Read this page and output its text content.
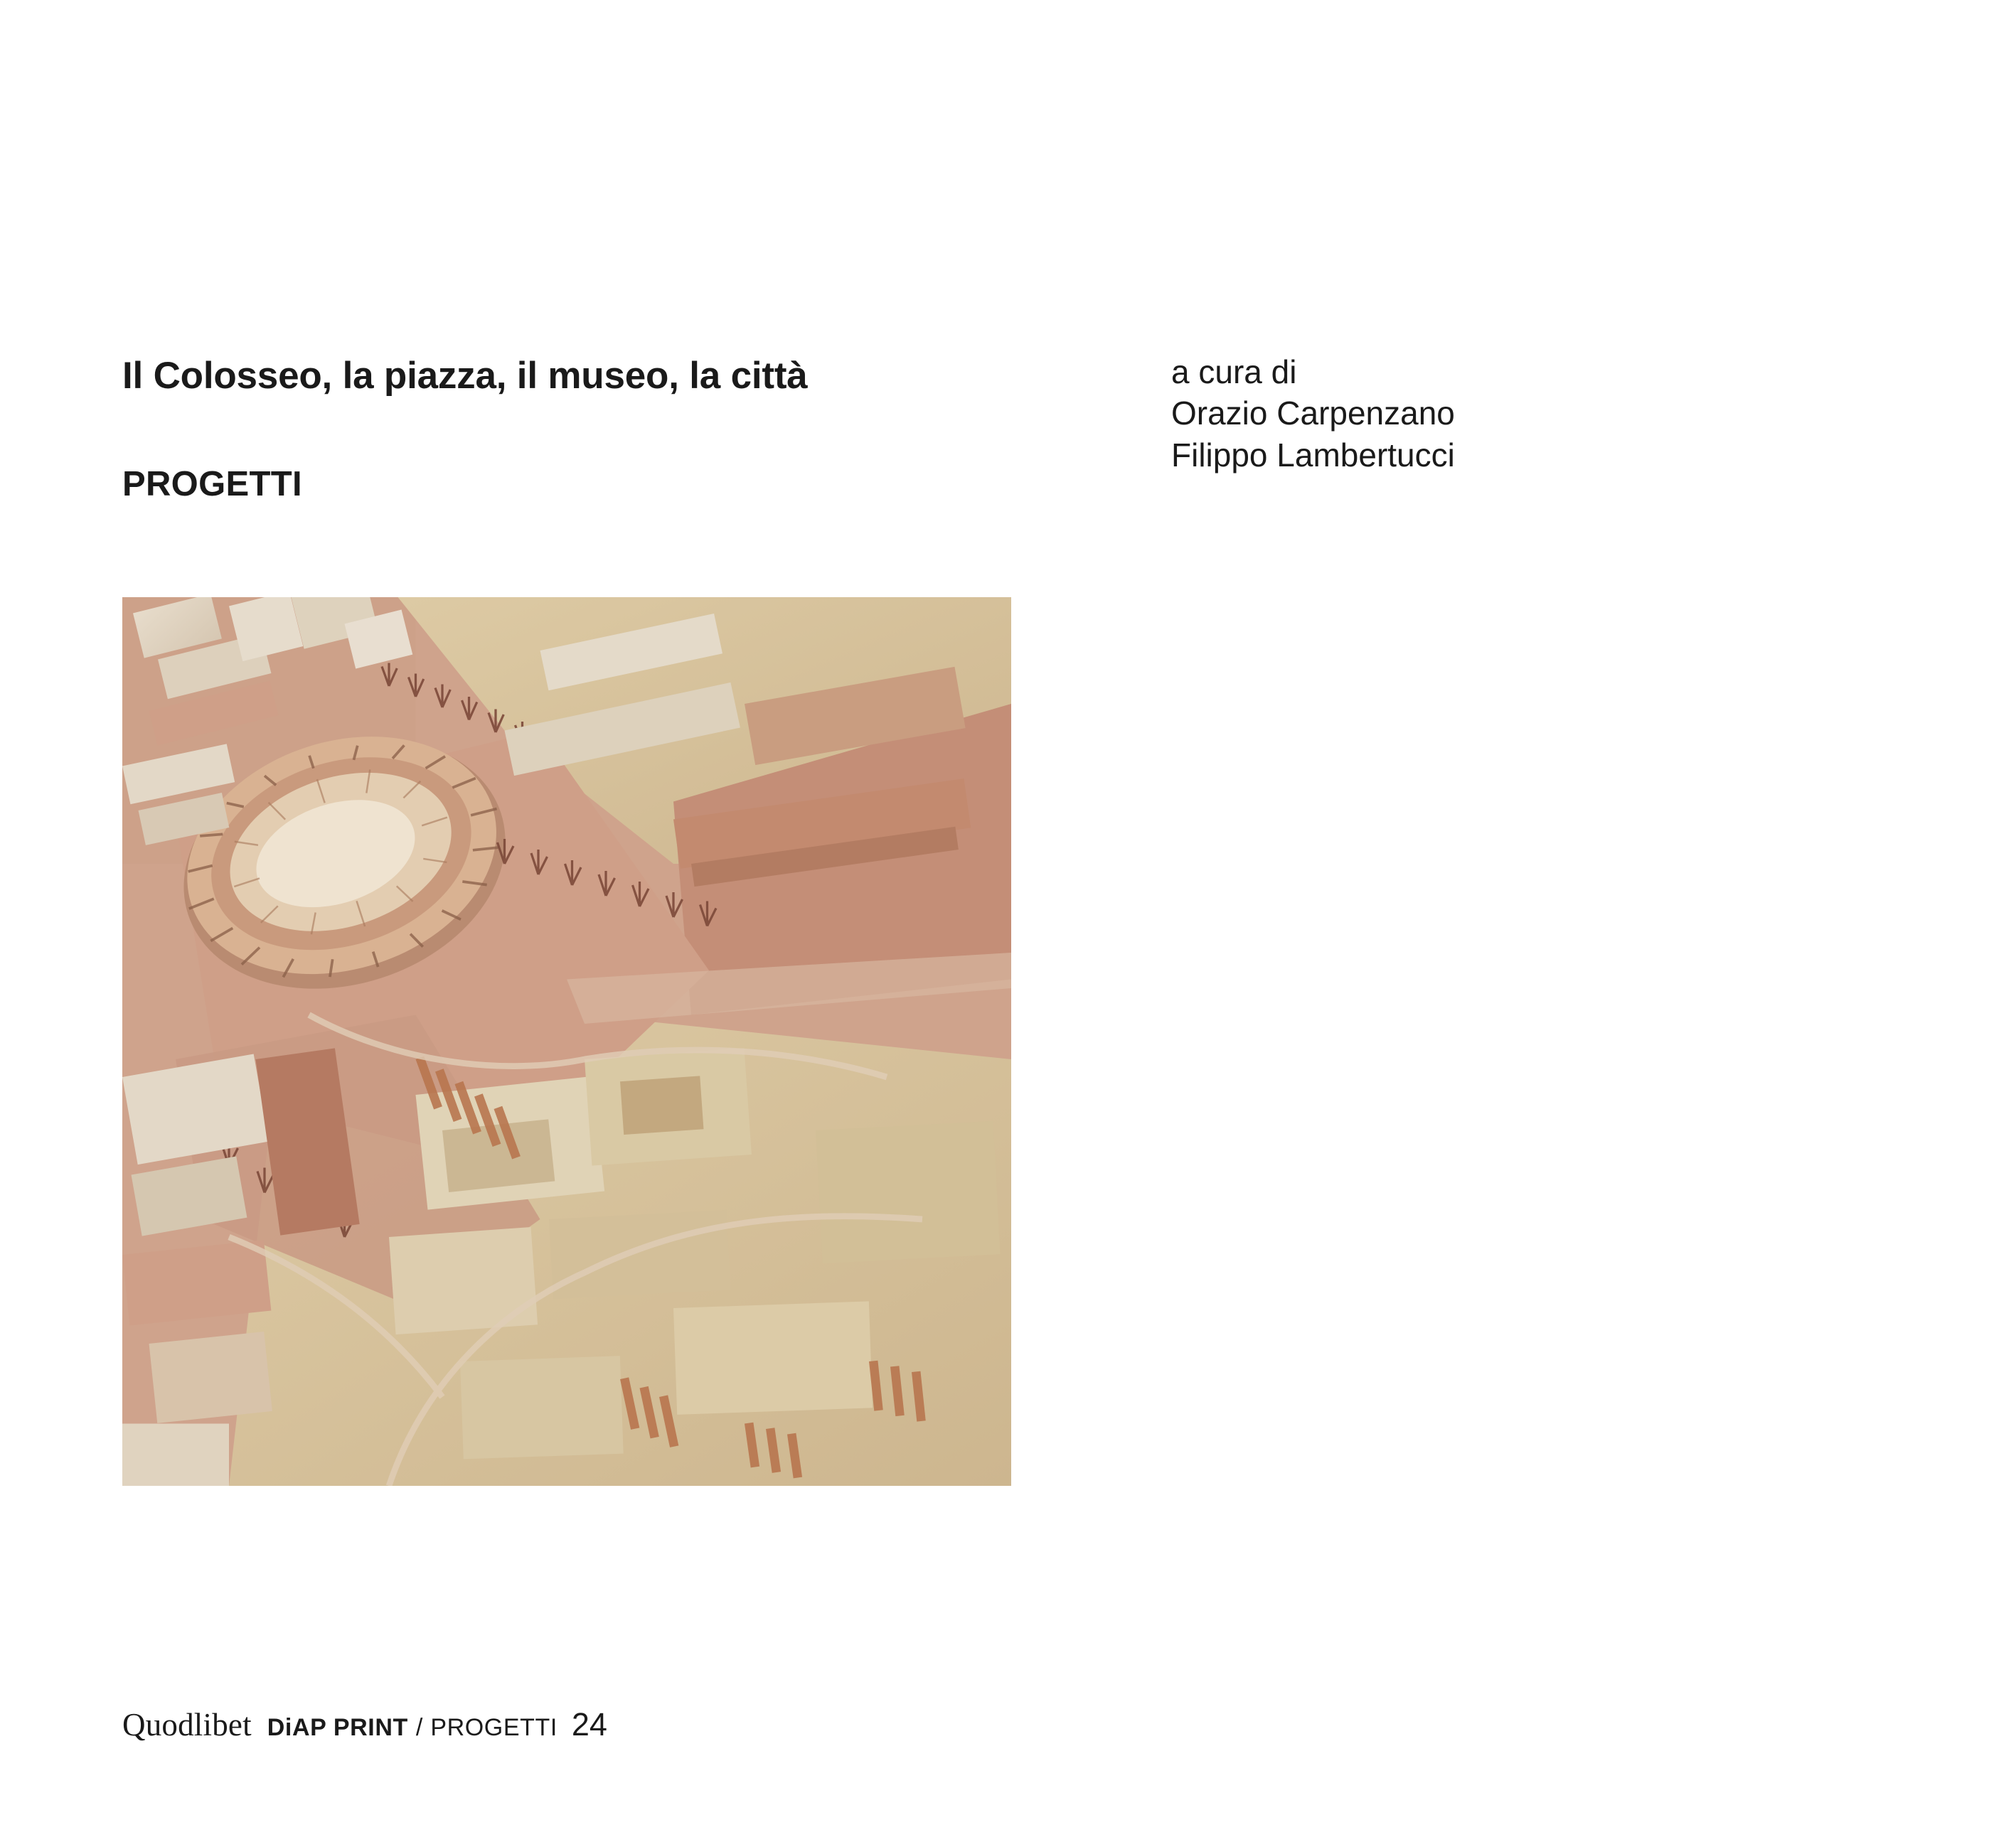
Il Colosseo, la piazza, il museo, la città
PROGETTI

a cura di

Orazio Carpenzano

Filippo Lambertucci

Quodlibet DiAP PRINT / PROGETTI 24
